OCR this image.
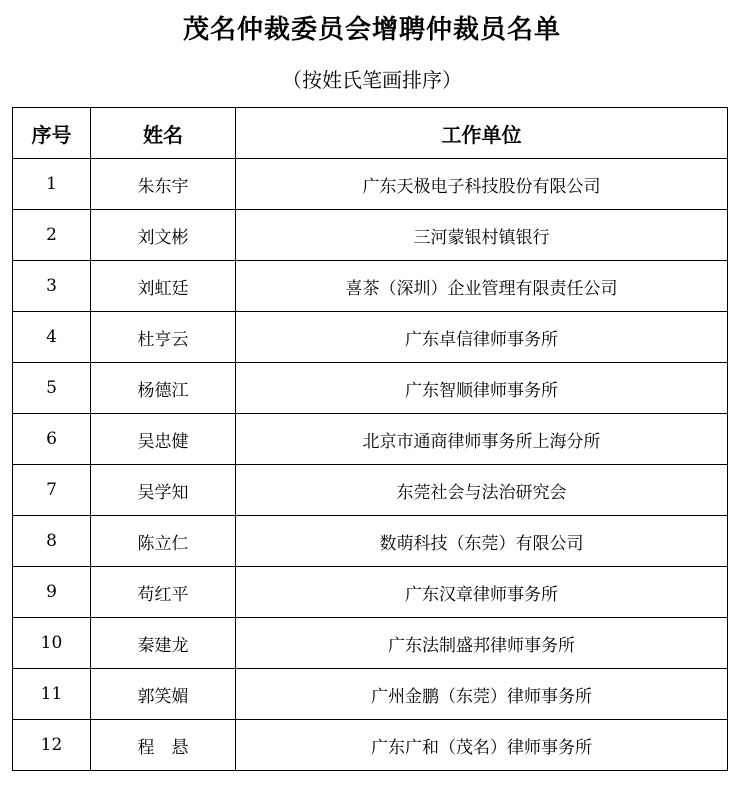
茂名仲裁委员会增聘仲裁员名单
（按姓氏笔画排序）
序号	姓名	工作单位
1	朱东宇	广东天极电子科技股份有限公司
2	刘文彬	三河蒙银村镇银行
3	刘虹廷	喜茶（深圳）企业管理有限责任公司
4	杜亨云	广东卓信律师事务所
5	杨德江	广东智顺律师事务所
6	吴忠健	北京市通商律师事务所上海分所
7	吴学知	东莞社会与法治研究会
8	陈立仁	数萌科技（东莞）有限公司
9	苟红平	广东汉章律师事务所
10	秦建龙	广东法制盛邦律师事务所
11	郭笑媚	广州金鹏（东莞）律师事务所
12	程　悬	广东广和（茂名）律师事务所
